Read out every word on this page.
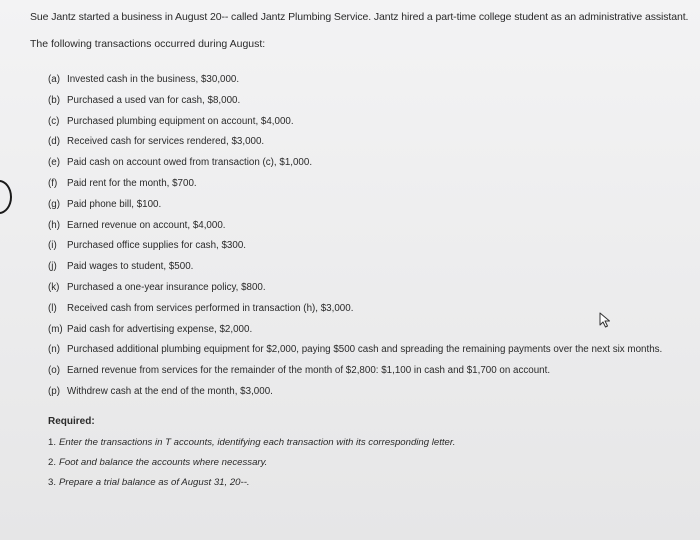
Sue Jantz started a business in August 20-- called Jantz Plumbing Service. Jantz hired a part-time college student as an administrative assistant.
The following transactions occurred during August:
(a) Invested cash in the business, $30,000.
(b) Purchased a used van for cash, $8,000.
(c) Purchased plumbing equipment on account, $4,000.
(d) Received cash for services rendered, $3,000.
(e) Paid cash on account owed from transaction (c), $1,000.
(f) Paid rent for the month, $700.
(g) Paid phone bill, $100.
(h) Earned revenue on account, $4,000.
(i)	Purchased office supplies for cash, $300.
(j)	Paid wages to student, $500.
(k) Purchased a one-year insurance policy, $800.
(l)	Received cash from services performed in transaction (h), $3,000.
(m) Paid cash for advertising expense, $2,000.
(n) Purchased additional plumbing equipment for $2,000, paying $500 cash and spreading the remaining payments over the next six months.
(o) Earned revenue from services for the remainder of the month of $2,800: $1,100 in cash and $1,700 on account.
(p) Withdrew cash at the end of the month, $3,000.
Required:
1. Enter the transactions in T accounts, identifying each transaction with its corresponding letter.
2. Foot and balance the accounts where necessary.
3. Prepare a trial balance as of August 31, 20--.
